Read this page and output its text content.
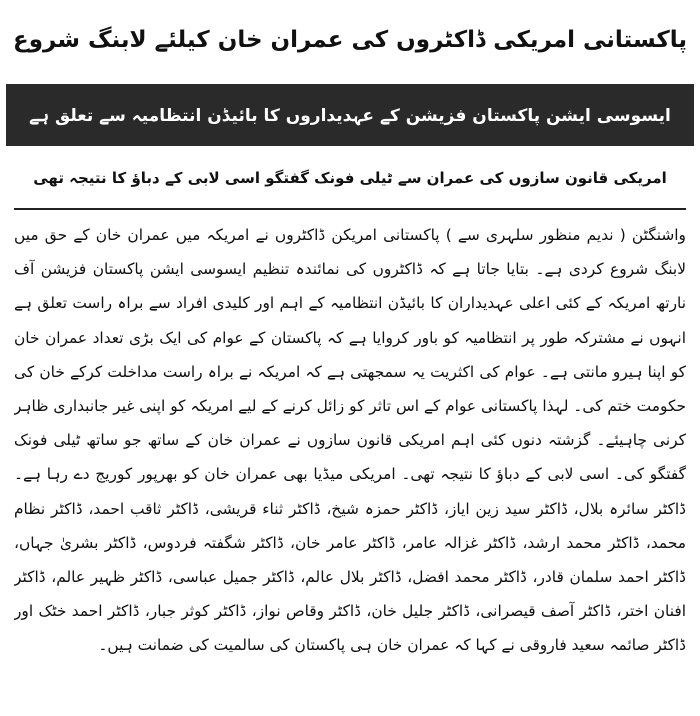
پاکستانی امریکی ڈاکٹروں کی عمران خان کیلئے لابنگ شروع
ایسوسی ایشن پاکستان فزیشن کے عہدیداروں کا بائیڈن انتظامیہ سے تعلق ہے
امریکی قانون سازوں کی عمران سے ٹیلی فونک گفتگو اسی لابی کے دباؤ کا نتیجہ تھی
واشنگٹن ( ندیم منظور سلہری سے ) پاکستانی امریکن ڈاکٹروں نے امریکہ میں عمران خان کے حق میں لابنگ شروع کردی ہے۔ بتایا جاتا ہے کہ ڈاکٹروں کی نمائندہ تنظیم ایسوسی ایشن پاکستان فزیشن آف نارتھ امریکہ کے کئی اعلی عہدیداران کا بائیڈن انتظامیہ کے اہم اور کلیدی افراد سے براہ راست تعلق ہے انہوں نے مشترکہ طور پر انتظامیہ کو باور کروایا ہے کہ پاکستان کے عوام کی ایک بڑی تعداد عمران خان کو اپنا ہیرو مانتی ہے۔ عوام کی اکثریت یہ سمجھتی ہے کہ امریکہ نے براہ راست مداخلت کرکے خان کی حکومت ختم کی۔ لہذا پاکستانی عوام کے اس تاثر کو زائل کرنے کے لیے امریکہ کو اپنی غیر جانبداری ظاہر کرنی چاہیئے۔ گزشتہ دنوں کئی اہم امریکی قانون سازوں نے عمران خان کے ساتھ جو ساتھ ٹیلی فونک گفتگو کی۔ اسی لابی کے دباؤ کا نتیجہ تھی۔ امریکی میڈیا بھی عمران خان کو بھرپور کوریج دے رہا ہے۔ ڈاکٹر سائرہ بلال، ڈاکٹر سید زین ایاز، ڈاکٹر حمزہ شیخ، ڈاکٹر ثناء قریشی، ڈاکٹر ثاقب احمد، ڈاکٹر نظام محمد، ڈاکٹر محمد ارشد، ڈاکٹر غزالہ عامر، ڈاکٹر عامر خان، ڈاکٹر شگفتہ فردوس، ڈاکٹر بشریٰ جہاں، ڈاکٹر احمد سلمان قادر، ڈاکٹر محمد افضل، ڈاکٹر بلال عالم، ڈاکٹر جمیل عباسی، ڈاکٹر ظہیر عالم، ڈاکٹر افنان اختر، ڈاکٹر آصف قیصرانی، ڈاکٹر جلیل خان، ڈاکٹر وقاص نواز، ڈاکٹر کوثر جبار، ڈاکٹر احمد خٹک اور ڈاکٹر صائمہ سعید فاروقی نے کہا کہ عمران خان ہی پاکستان کی سالمیت کی ضمانت ہیں۔
